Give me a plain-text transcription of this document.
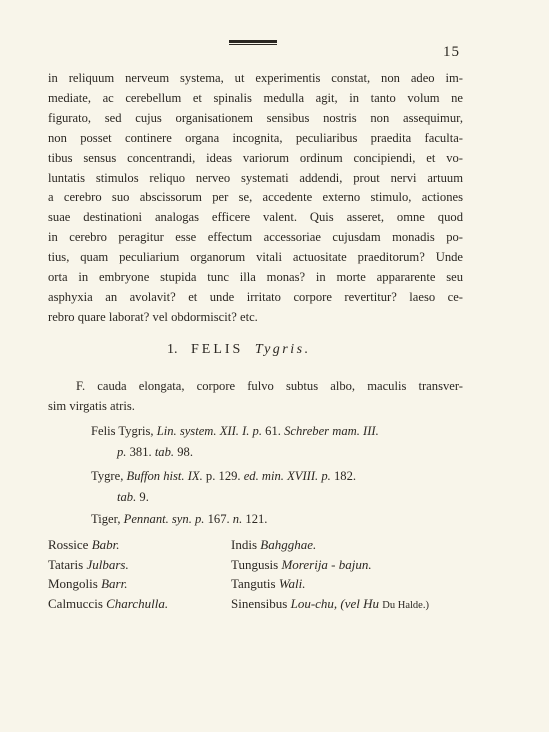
15
in reliquum nerveum systema, ut experimentis constat, non adeo im-
mediate, ac cerebellum et spinalis medulla agit, in tanto volum ne
figurato, sed cujus organisationem sensibus nostris non assequimur,
non posset continere organa incognita, peculiaribus praedita faculta-
tibus sensus concentrandi, ideas variorum ordinum concipiendi, et vo-
luntatis stimulos reliquo nerveo systemati addendi, prout nervi artuum
a cerebro suo abscissorum per se, accedente externo stimulo, actiones
suae destinationi analogas efficere valent. Quis asseret, omne quod
in cerebro peragitur esse effectum accessoriae cujusdam monadis po-
tius, quam peculiarium organorum vitali actuositate praeditorum? Unde
orta in embryone stupida tunc illa monas? in morte appararente seu
asphyxia an avolavit? et unde irritato corpore revertitur? laeso ce-
rebro quare laborat? vel obdormiscit? etc.
1. FELIS Tygris.
F. cauda elongata, corpore fulvo subtus albo, maculis transver-
sim virgatis atris.
Felis Tygris, Lin. system. XII. I. p. 61. Schreber mam. III.
p. 381. tab. 98.
Tygre, Buffon hist. IX. p. 129. ed. min. XVIII. p. 182.
tab. 9.
Tiger, Pennant. syn. p. 167. n. 121.
Rossice Babr.	Indis Bahgghae.
Tataris Julbars.	Tungusis Morerija - bajun.
Mongolis Barr.	Tangutis Wali.
Calmuccis Charchulla.	Sinensibus Lou-chu, (vel Hu Du Halde.)
